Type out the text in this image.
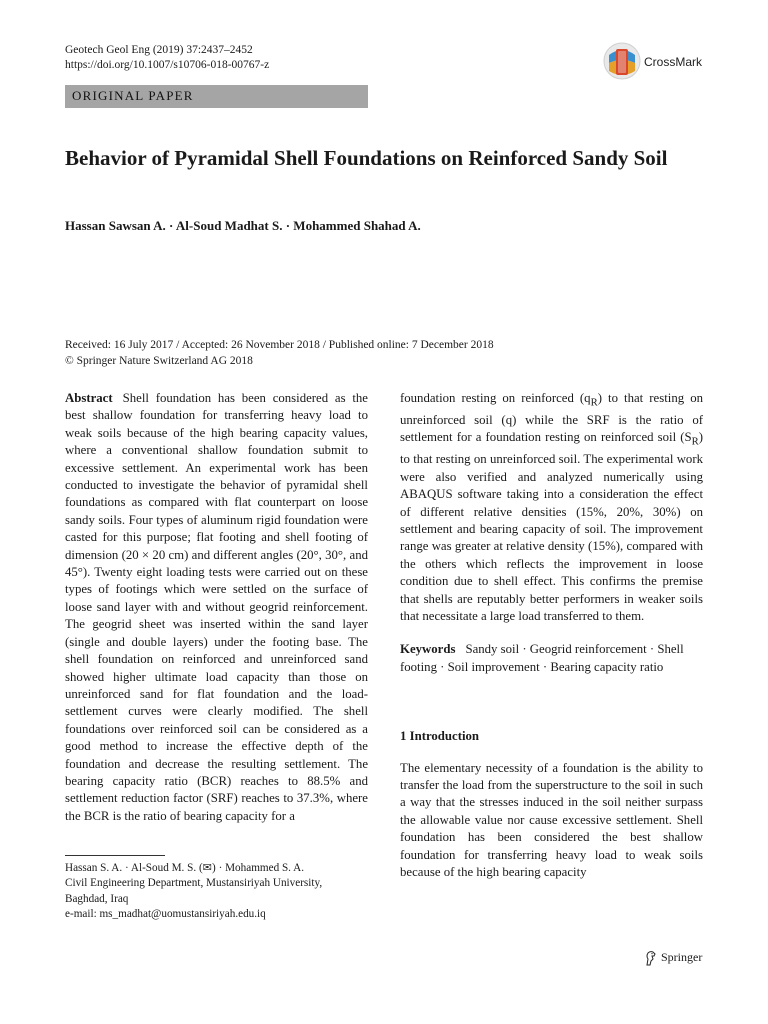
Geotech Geol Eng (2019) 37:2437–2452
https://doi.org/10.1007/s10706-018-00767-z	CrossMark
ORIGINAL PAPER
Behavior of Pyramidal Shell Foundations on Reinforced Sandy Soil
Hassan Sawsan A. · Al-Soud Madhat S. · Mohammed Shahad A.
Received: 16 July 2017 / Accepted: 26 November 2018 / Published online: 7 December 2018
© Springer Nature Switzerland AG 2018

Abstract Shell foundation has been considered as the best shallow foundation for transferring heavy load to weak soils because of the high bearing capacity values, where a conventional shallow foundation submit to excessive settlement. An experimental work has been conducted to investigate the behavior of pyramidal shell foundations as compared with flat counterpart on loose sandy soils. Four types of aluminum rigid foundation were casted for this purpose; flat footing and shell footing of dimension (20 × 20 cm) and different angles (20°, 30°, and 45°). Twenty eight loading tests were carried out on these types of footings which were settled on the surface of loose sand layer with and without geogrid reinforcement. The geogrid sheet was inserted within the sand layer (single and double layers) under the footing base. The shell foundation on reinforced and unreinforced sand showed higher ultimate load capacity than those on unreinforced sand for flat foundation and the load-settlement curves were clearly modified. The shell foundations over reinforced soil can be considered as a good method to increase the effective depth of the foundation and decrease the resulting settlement. The bearing capacity ratio (BCR) reaches to 88.5% and settlement reduction factor (SRF) reaches to 37.3%, where the BCR is the ratio of bearing capacity for a

foundation resting on reinforced $(q_R)$ to that resting on unreinforced soil (q) while the SRF is the ratio of settlement for a foundation resting on reinforced soil $(S_R)$ to that resting on unreinforced soil. The experimental work were also verified and analyzed numerically using ABAQUS software taking into a consideration the effect of different relative densities (15%, 20%, 30%) on settlement and bearing capacity of soil. The improvement range was greater at relative density (15%), compared with the others which reflects the improvement in loose condition due to shell effect. This confirms the premise that shells are reputably better performers in weaker soils that necessitate a large load transferred to them.

Keywords Sandy soil · Geogrid reinforcement · Shell footing · Soil improvement · Bearing capacity ratio

1 Introduction

The elementary necessity of a foundation is the ability to transfer the load from the superstructure to the soil in such a way that the stresses induced in the soil neither surpass the allowable value nor cause excessive settlement. Shell foundation has been considered the best shallow foundation for transferring heavy load to weak soils because of the high bearing capacity

Hassan S. A. · Al-Soud M. S. (✉) · Mohammed S. A.
Civil Engineering Department, Mustansiriyah University,
Baghdad, Iraq
e-mail: ms_madhat@uomustansiriyah.edu.iq
Springer
